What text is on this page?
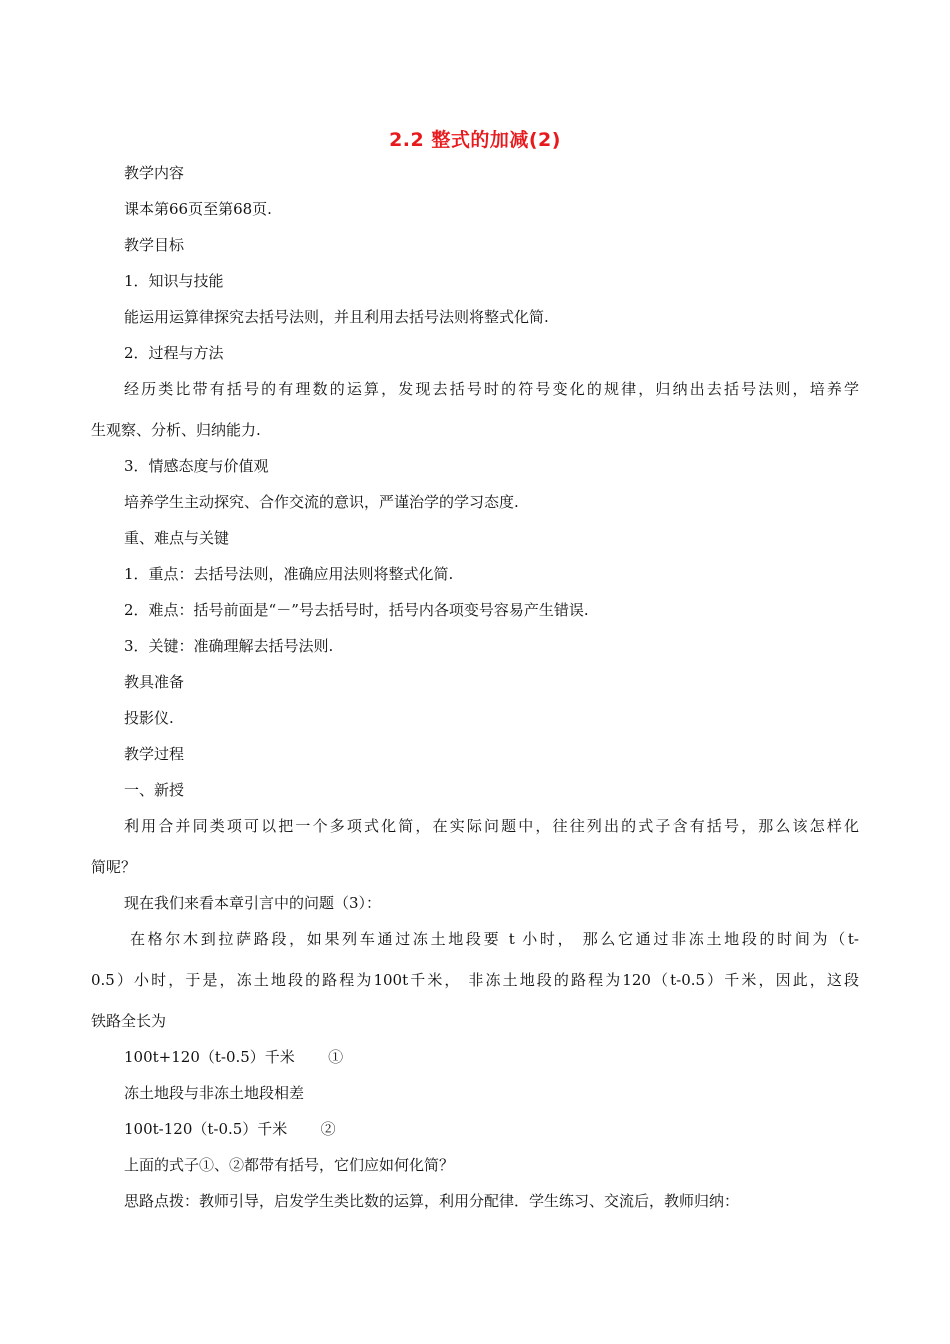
2.2 整式的加减(2)
教学内容
课本第66页至第68页.
教学目标
1．知识与技能
能运用运算律探究去括号法则，并且利用去括号法则将整式化简.
2．过程与方法
经历类比带有括号的有理数的运算，发现去括号时的符号变化的规律，归纳出去括号法则，培养学
生观察、分析、归纳能力.
3．情感态度与价值观
培养学生主动探究、合作交流的意识，严谨治学的学习态度.
重、难点与关键
1．重点：去括号法则，准确应用法则将整式化简.
2．难点：括号前面是“－”号去括号时，括号内各项变号容易产生错误.
3．关键：准确理解去括号法则.
教具准备
投影仪.
教学过程
一、新授
利用合并同类项可以把一个多项式化简，在实际问题中，往往列出的式子含有括号，那么该怎样化
简呢？
现在我们来看本章引言中的问题（3）：
在格尔木到拉萨路段，如果列车通过冻土地段要 t 小时， 那么它通过非冻土地段的时间为（t-
0.5）小时，于是，冻土地段的路程为100t千米， 非冻土地段的路程为120（t-0.5）千米，因此，这段
铁路全长为
100t+120（t-0.5）千米       ①
冻土地段与非冻土地段相差
100t-120（t-0.5）千米       ②
上面的式子①、②都带有括号，它们应如何化简？
思路点拨：教师引导，启发学生类比数的运算，利用分配律．学生练习、交流后，教师归纳：
